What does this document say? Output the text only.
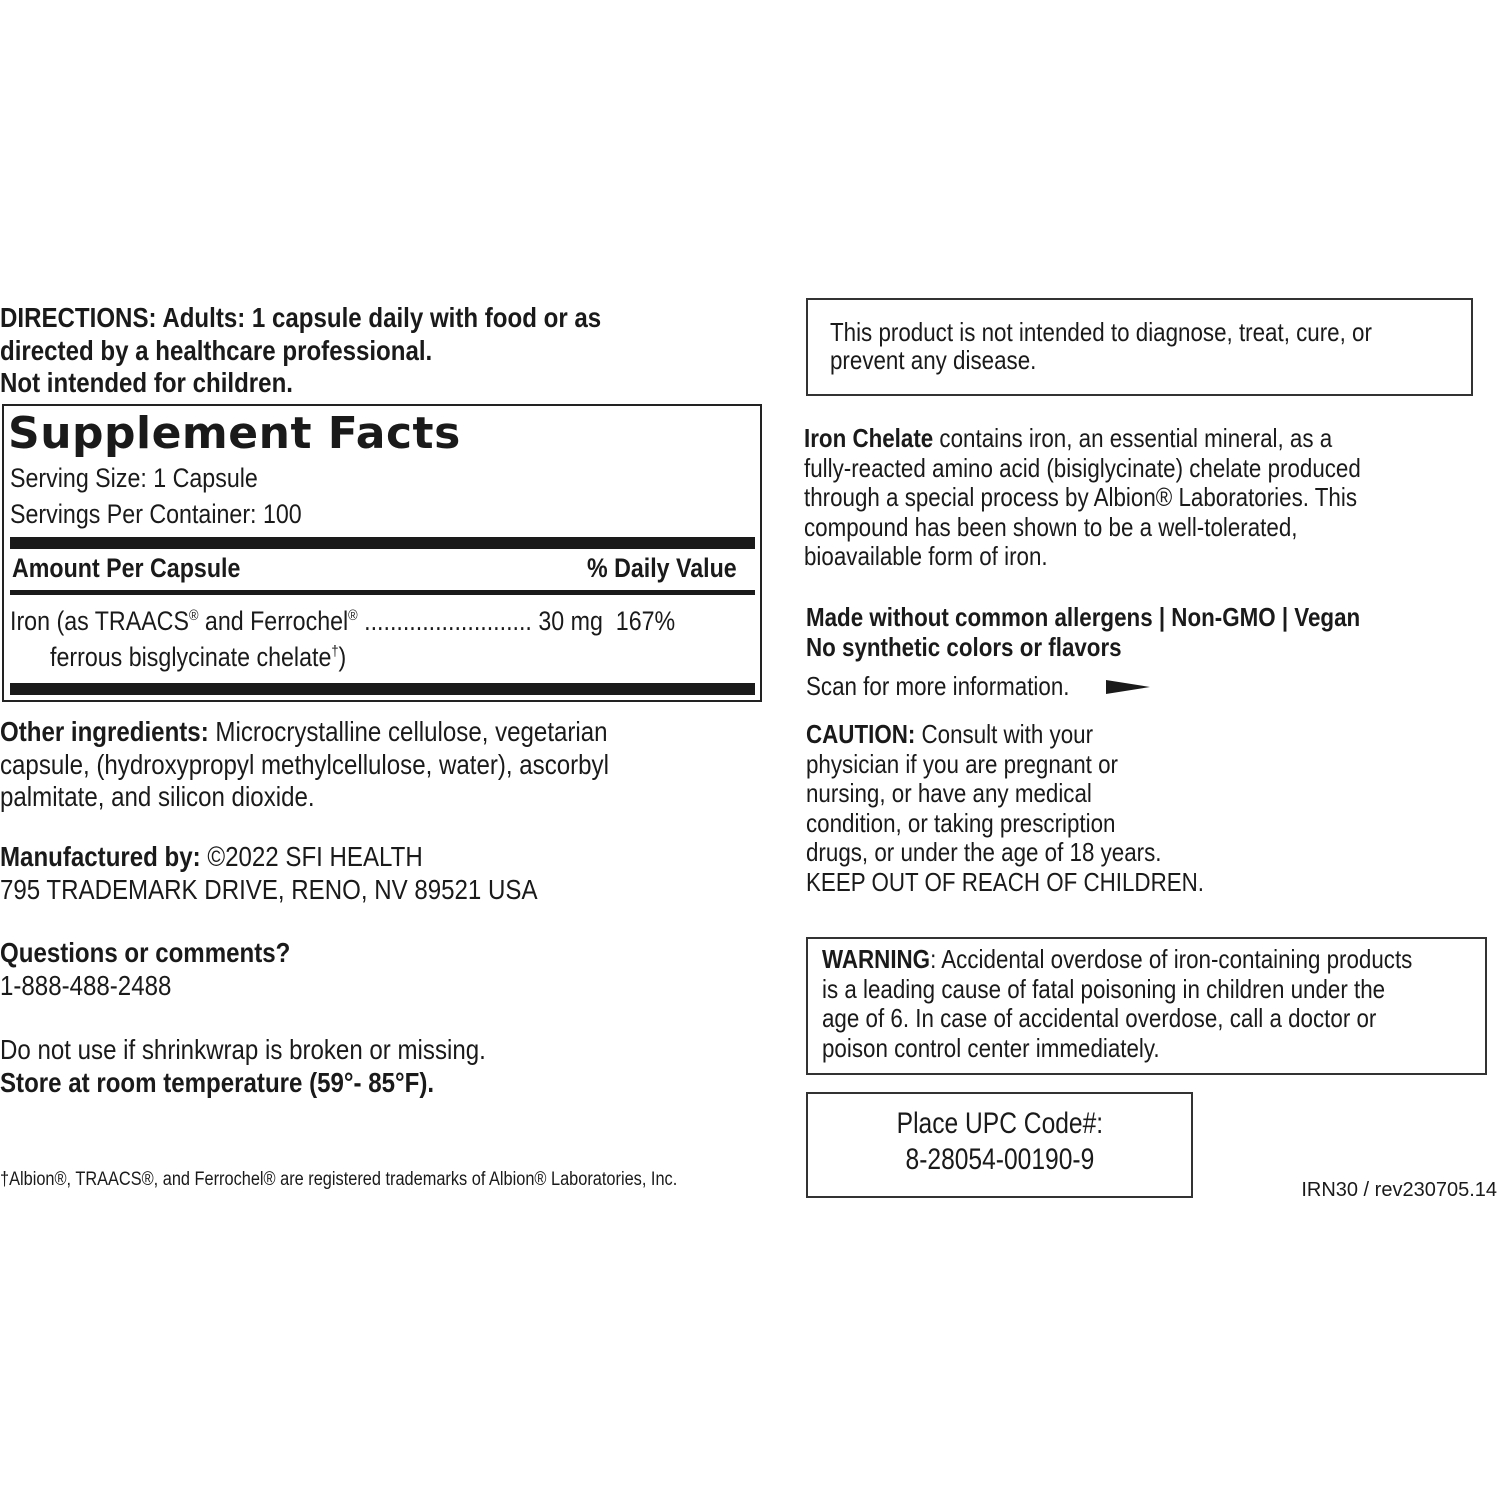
DIRECTIONS: Adults: 1 capsule daily with food or as
directed by a healthcare professional.
Not intended for children.
Supplement Facts
Serving Size: 1 Capsule
Servings Per Container: 100
Amount Per Capsule	% Daily Value
Iron (as TRAACS® and Ferrochel® .......................... 30 mg 167%
ferrous bisglycinate chelate†)
Other ingredients: Microcrystalline cellulose, vegetarian
capsule, (hydroxypropyl methylcellulose, water), ascorbyl
palmitate, and silicon dioxide.
Manufactured by: ©2022 SFI HEALTH
795 TRADEMARK DRIVE, RENO, NV 89521 USA
Questions or comments?
1-888-488-2488
Do not use if shrinkwrap is broken or missing.
Store at room temperature (59°- 85°F).
†Albion®, TRAACS®, and Ferrochel® are registered trademarks of Albion® Laboratories, Inc.
This product is not intended to diagnose, treat, cure, or
prevent any disease.
Iron Chelate contains iron, an essential mineral, as a
fully-reacted amino acid (bisiglycinate) chelate produced
through a special process by Albion® Laboratories. This
compound has been shown to be a well-tolerated,
bioavailable form of iron.
Made without common allergens | Non-GMO | Vegan
No synthetic colors or flavors
Scan for more information.
CAUTION: Consult with your
physician if you are pregnant or
nursing, or have any medical
condition, or taking prescription
drugs, or under the age of 18 years.
KEEP OUT OF REACH OF CHILDREN.
WARNING: Accidental overdose of iron-containing products
is a leading cause of fatal poisoning in children under the
age of 6. In case of accidental overdose, call a doctor or
poison control center immediately.
Place UPC Code#:
8-28054-00190-9
IRN30 / rev230705.14
